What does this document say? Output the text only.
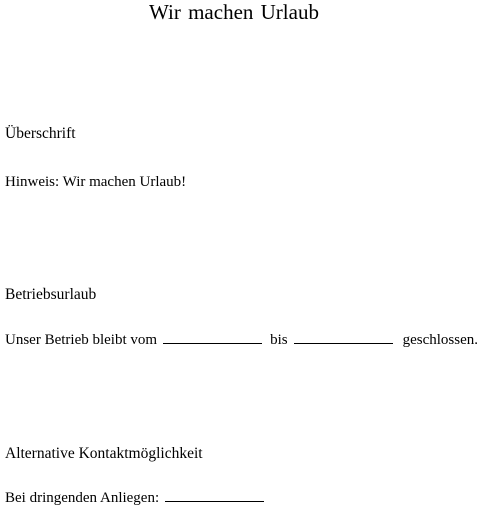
Wir machen Urlaub
Überschrift

Hinweis: Wir machen Urlaub!

Betriebsurlaub

Unser Betrieb bleibt vom	bis	geschlossen.

Alternative Kontaktmöglichkeit

Bei dringenden Anliegen:
